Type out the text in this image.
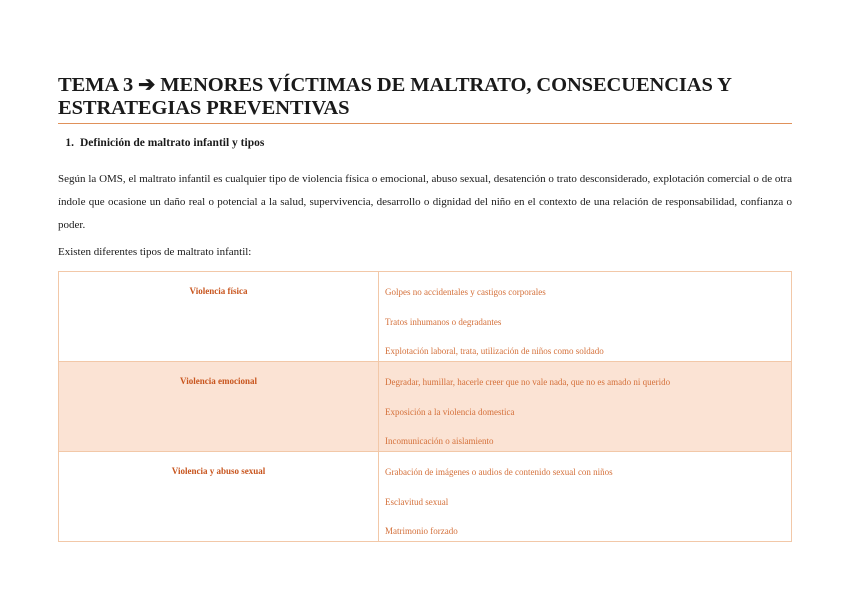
TEMA 3 ➔ MENORES VÍCTIMAS DE MALTRATO, CONSECUENCIAS Y ESTRATEGIAS PREVENTIVAS
1. Definición de maltrato infantil y tipos
Según la OMS, el maltrato infantil es cualquier tipo de violencia física o emocional, abuso sexual, desatención o trato desconsiderado, explotación comercial o de otra índole que ocasione un daño real o potencial a la salud, supervivencia, desarrollo o dignidad del niño en el contexto de una relación de responsabilidad, confianza o poder.
Existen diferentes tipos de maltrato infantil:
Violencia física	Golpes no accidentales y castigos corporales
Tratos inhumanos o degradantes
Explotación laboral, trata, utilización de niños como soldado

Violencia emocional	Degradar, humillar, hacerle creer que no vale nada, que no es amado ni querido
Exposición a la violencia domestica
Incomunicación o aislamiento

Violencia y abuso sexual	Grabación de imágenes o audios de contenido sexual con niños
Esclavitud sexual
Matrimonio forzado
